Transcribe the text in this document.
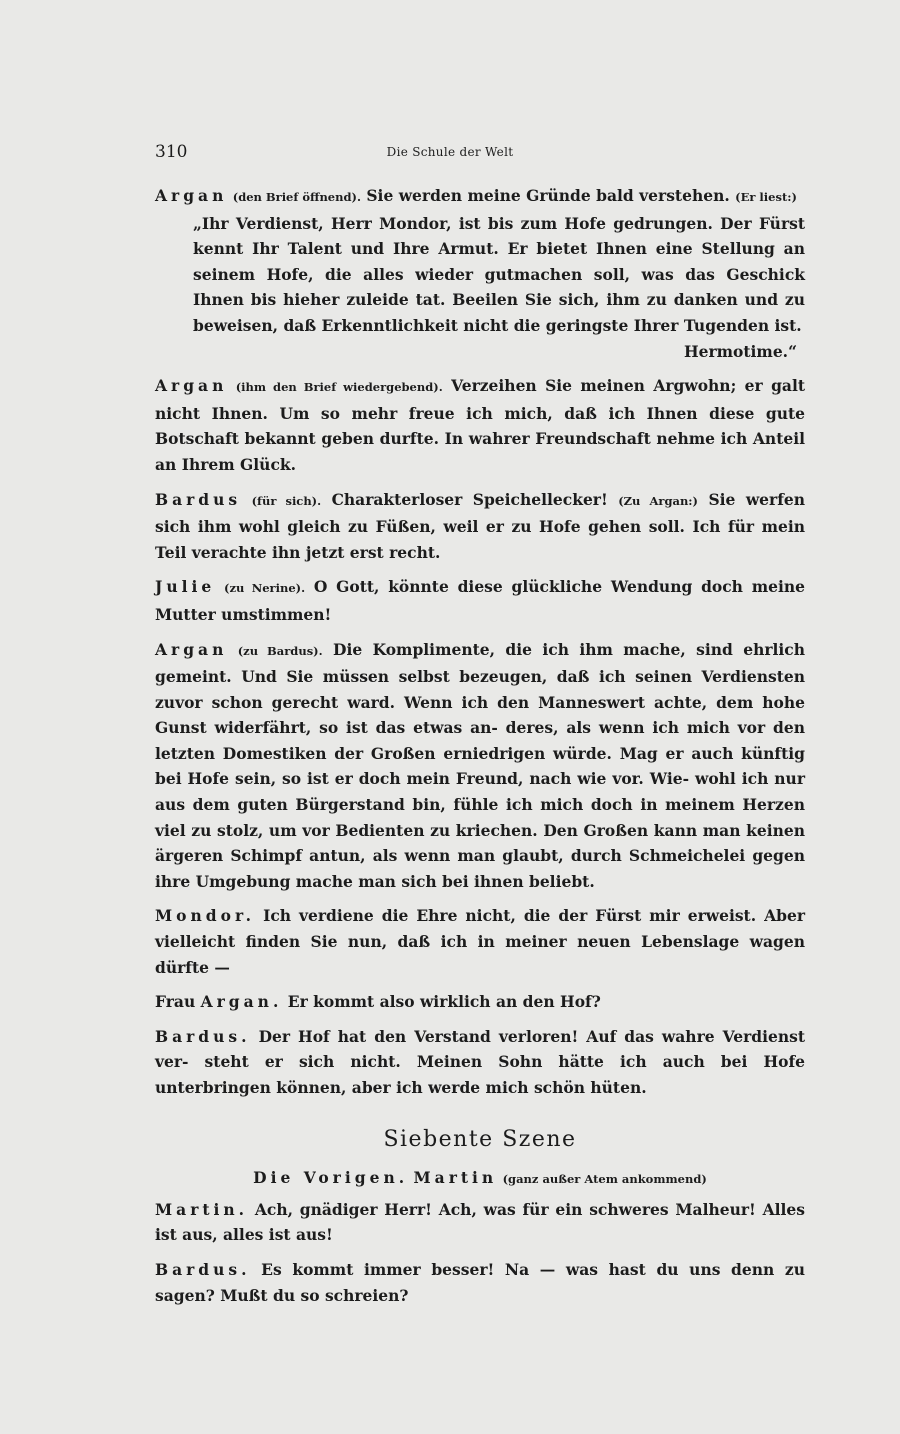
310	Die Schule der Welt

Argan (den Brief öffnend). Sie werden meine Gründe bald verstehen. (Er liest:)

„Ihr Verdienst, Herr Mondor, ist bis zum Hofe gedrungen. Der Fürst kennt Ihr Talent und Ihre Armut. Er bietet Ihnen eine Stellung an seinem Hofe, die alles wieder gutmachen soll, was das Geschick Ihnen bis hieher zuleide tat. Beeilen Sie sich, ihm zu danken und zu beweisen, daß Erkenntlichkeit nicht die geringste Ihrer Tugenden ist.

Hermotime.“

Argan (ihm den Brief wiedergebend). Verzeihen Sie meinen Argwohn; er galt nicht Ihnen. Um so mehr freue ich mich, daß ich Ihnen diese gute Botschaft bekannt geben durfte. In wahrer Freundschaft nehme ich Anteil an Ihrem Glück.

Bardus (für sich). Charakterloser Speichellecker! (Zu Argan:) Sie werfen sich ihm wohl gleich zu Füßen, weil er zu Hofe gehen soll. Ich für mein Teil verachte ihn jetzt erst recht.

Julie (zu Nerine). O Gott, könnte diese glückliche Wendung doch meine Mutter umstimmen!

Argan (zu Bardus). Die Komplimente, die ich ihm mache, sind ehrlich gemeint. Und Sie müssen selbst bezeugen, daß ich seinen Verdiensten zuvor schon gerecht ward. Wenn ich den Manneswert achte, dem hohe Gunst widerfährt, so ist das etwas an- deres, als wenn ich mich vor den letzten Domestiken der Großen erniedrigen würde. Mag er auch künftig bei Hofe sein, so ist er doch mein Freund, nach wie vor. Wie- wohl ich nur aus dem guten Bürgerstand bin, fühle ich mich doch in meinem Herzen viel zu stolz, um vor Bedienten zu kriechen. Den Großen kann man keinen ärgeren Schimpf antun, als wenn man glaubt, durch Schmeichelei gegen ihre Umgebung mache man sich bei ihnen beliebt.

Mondor. Ich verdiene die Ehre nicht, die der Fürst mir erweist. Aber vielleicht finden Sie nun, daß ich in meiner neuen Lebenslage wagen dürfte —

Frau Argan. Er kommt also wirklich an den Hof?

Bardus. Der Hof hat den Verstand verloren! Auf das wahre Verdienst ver- steht er sich nicht. Meinen Sohn hätte ich auch bei Hofe unterbringen können, aber ich werde mich schön hüten.

Siebente Szene

Die Vorigen. Martin (ganz außer Atem ankommend)

Martin. Ach, gnädiger Herr! Ach, was für ein schweres Malheur! Alles ist aus, alles ist aus!

Bardus. Es kommt immer besser! Na — was hast du uns denn zu sagen? Mußt du so schreien?
